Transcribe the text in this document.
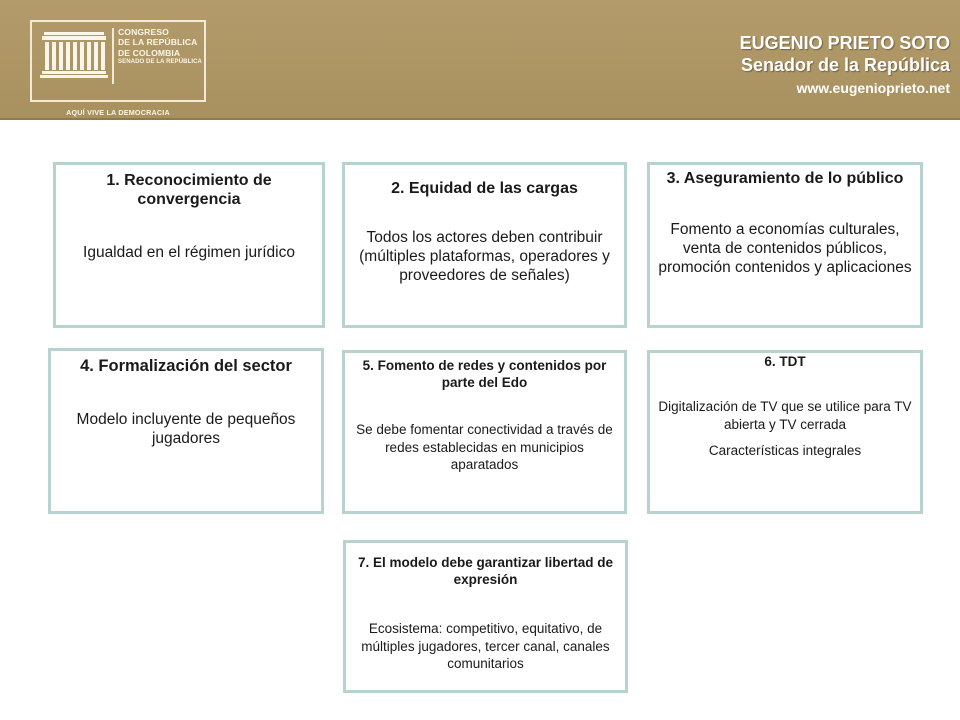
CONGRESO
DE LA REPÚBLICA
DE COLOMBIA
SENADO DE LA REPÚBLICA
AQUÍ VIVE LA DEMOCRACIA
EUGENIO PRIETO SOTO
Senador de la República
www.eugenioprieto.net
1. Reconocimiento de convergencia
Igualdad en el régimen jurídico
2. Equidad de las cargas
Todos los actores deben contribuir (múltiples plataformas, operadores y proveedores de señales)
3. Aseguramiento de lo público
Fomento a economías culturales, venta de contenidos públicos, promoción contenidos y aplicaciones
4. Formalización del sector
Modelo incluyente de pequeños jugadores
5. Fomento de redes y contenidos por parte del Edo
Se debe fomentar conectividad a través de redes establecidas en municipios aparatados
6. TDT
Digitalización de TV que se utilice para TV abierta y TV cerrada
Características integrales
7. El modelo debe garantizar libertad de expresión
Ecosistema: competitivo, equitativo, de múltiples jugadores, tercer canal, canales comunitarios
